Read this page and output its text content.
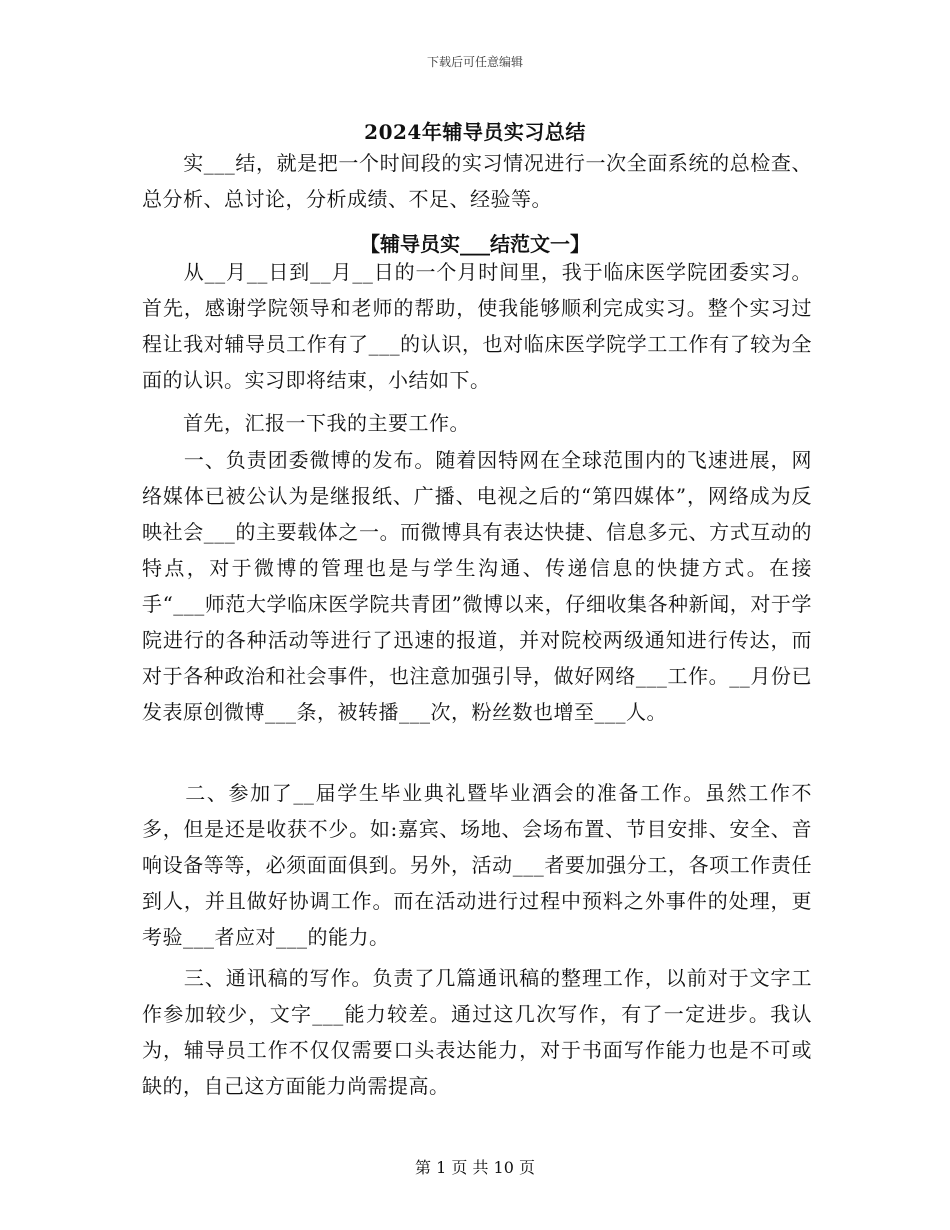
下载后可任意编辑
2024年辅导员实习总结

　　实___结，就是把一个时间段的实习情况进行一次全面系统的总检查、总分析、总讨论，分析成绩、不足、经验等。

【辅导员实___结范文一】

　　从__月__日到__月__日的一个月时间里，我于临床医学院团委实习。首先，感谢学院领导和老师的帮助，使我能够顺利完成实习。整个实习过程让我对辅导员工作有了___的认识，也对临床医学院学工工作有了较为全面的认识。实习即将结束，小结如下。

　　首先，汇报一下我的主要工作。

　　一、负责团委微博的发布。随着因特网在全球范围内的飞速进展，网络媒体已被公认为是继报纸、广播、电视之后的“第四媒体”，网络成为反映社会___的主要载体之一。而微博具有表达快捷、信息多元、方式互动的特点，对于微博的管理也是与学生沟通、传递信息的快捷方式。在接手“___师范大学临床医学院共青团”微博以来，仔细收集各种新闻，对于学院进行的各种活动等进行了迅速的报道，并对院校两级通知进行传达，而对于各种政治和社会事件，也注意加强引导，做好网络___工作。__月份已发表原创微博___条，被转播___次，粉丝数也增至___人。

　　二、参加了__届学生毕业典礼暨毕业酒会的准备工作。虽然工作不多，但是还是收获不少。如:嘉宾、场地、会场布置、节目安排、安全、音响设备等等，必须面面俱到。另外，活动___者要加强分工，各项工作责任到人，并且做好协调工作。而在活动进行过程中预料之外事件的处理，更考验___者应对___的能力。

　　三、通讯稿的写作。负责了几篇通讯稿的整理工作，以前对于文字工作参加较少，文字___能力较差。通过这几次写作，有了一定进步。我认为，辅导员工作不仅仅需要口头表达能力，对于书面写作能力也是不可或缺的，自己这方面能力尚需提高。

第 1 页 共 10 页
